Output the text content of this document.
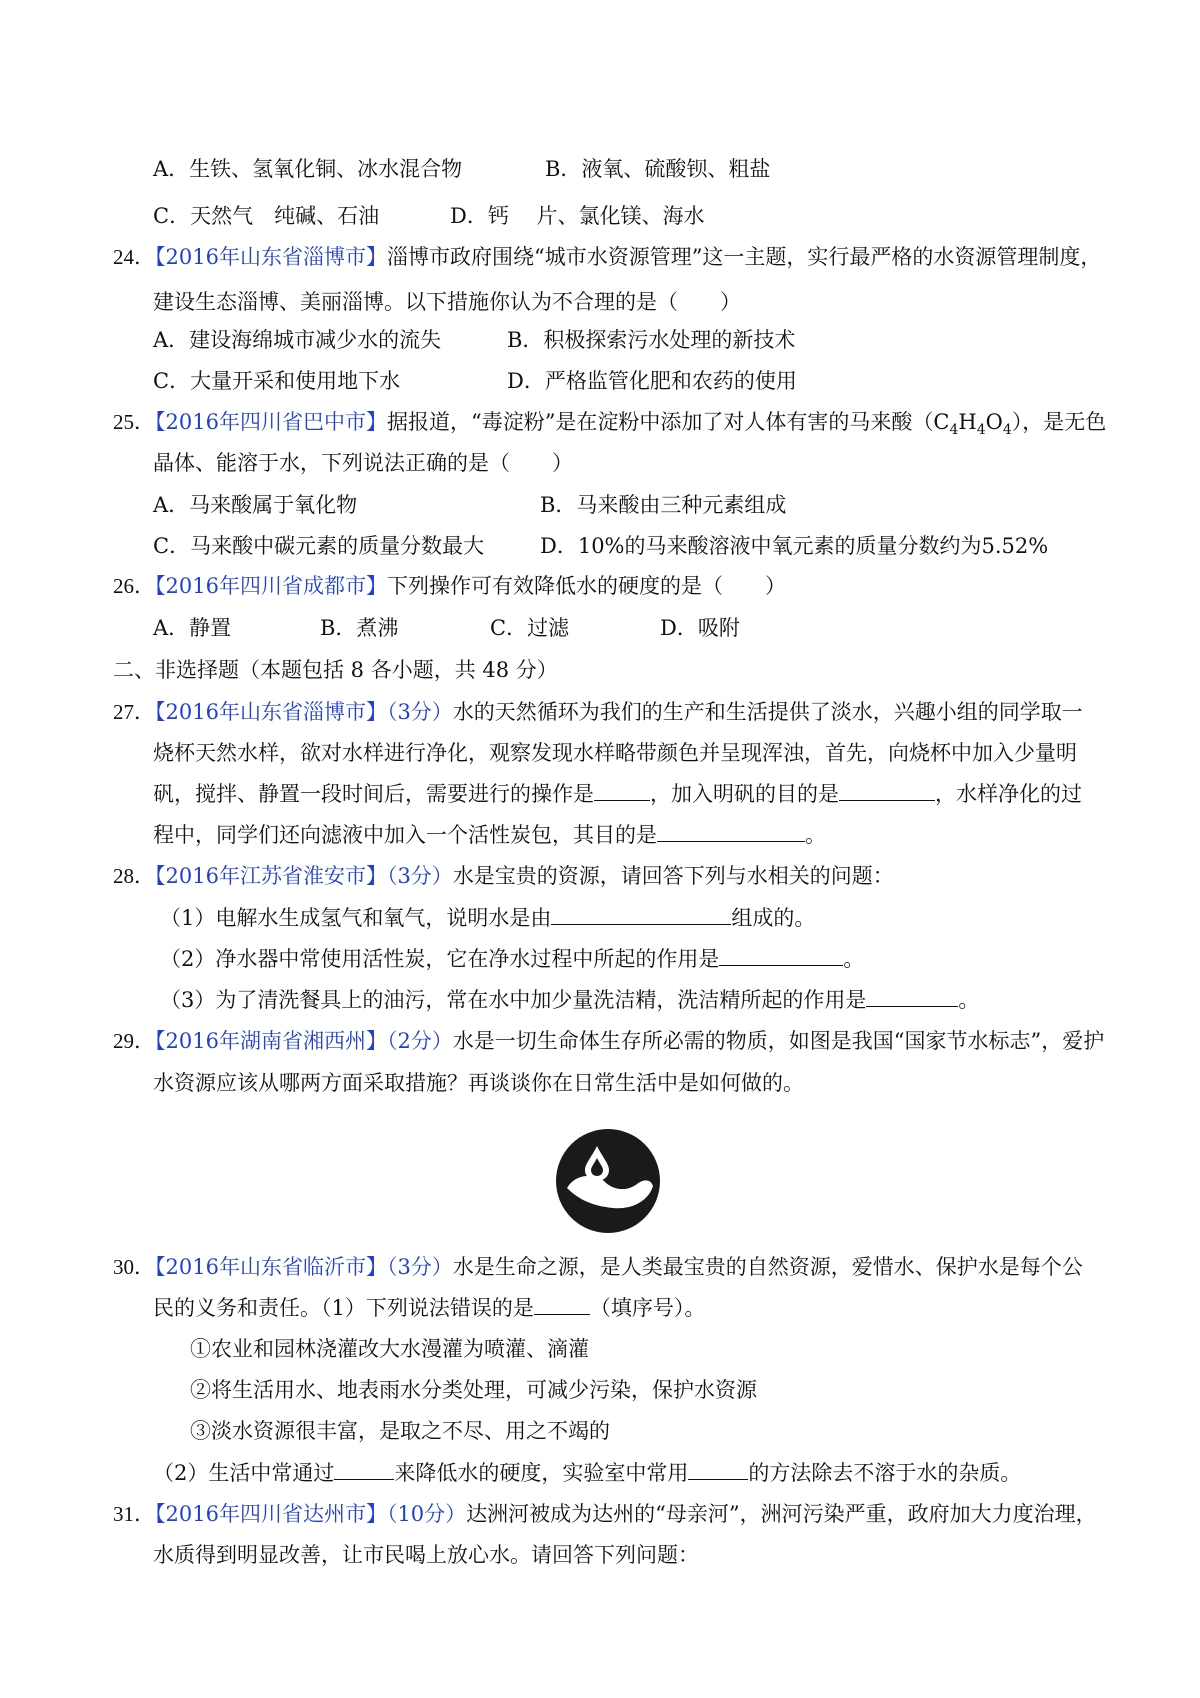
A．生铁、氢氧化铜、冰水混合物	B．液氧、硫酸钡、粗盐
C．天然气　纯碱、石油	D．钙　 片、氯化镁、海水
24．【2016年山东省淄博市】淄博市政府围绕“城市水资源管理”这一主题，实行最严格的水资源管理制度，
建设生态淄博、美丽淄博。以下措施你认为不合理的是（　　）
A．建设海绵城市减少水的流失	B．积极探索污水处理的新技术
C．大量开采和使用地下水	D．严格监管化肥和农药的使用
25．【2016年四川省巴中市】据报道，“毒淀粉”是在淀粉中添加了对人体有害的马来酸$(C_4H_4O_4)$，是无色
晶体、能溶于水，下列说法正确的是（　　）
A．马来酸属于氧化物	B．马来酸由三种元素组成
C．马来酸中碳元素的质量分数最大	D．10%的马来酸溶液中氧元素的质量分数约为5.52%
26．【2016年四川省成都市】下列操作可有效降低水的硬度的是（　　）
A．静置	B．煮沸	C．过滤	D．吸附
二、非选择题（本题包括 8 各小题，共 48 分）
27．【2016年山东省淄博市】（3分）水的天然循环为我们的生产和生活提供了淡水，兴趣小组的同学取一
烧杯天然水样，欲对水样进行净化，观察发现水样略带颜色并呈现浑浊，首先，向烧杯中加入少量明
矾，搅拌、静置一段时间后，需要进行的操作是	，加入明矾的目的是	，水样净化的过
程中，同学们还向滤液中加入一个活性炭包，其目的是	。
28．【2016年江苏省淮安市】（3分）水是宝贵的资源，请回答下列与水相关的问题：
（1）电解水生成氢气和氧气，说明水是由	组成的。
（2）净水器中常使用活性炭，它在净水过程中所起的作用是	。
（3）为了清洗餐具上的油污，常在水中加少量洗洁精，洗洁精所起的作用是	。
29．【2016年湖南省湘西州】（2分）水是一切生命体生存所必需的物质，如图是我国“国家节水标志”，爱护
水资源应该从哪两方面采取措施？再谈谈你在日常生活中是如何做的。
30．【2016年山东省临沂市】（3分）水是生命之源，是人类最宝贵的自然资源，爱惜水、保护水是每个公
民的义务和责任。（1）下列说法错误的是	（填序号）。
①农业和园林浇灌改大水漫灌为喷灌、滴灌
②将生活用水、地表雨水分类处理，可减少污染，保护水资源
③淡水资源很丰富，是取之不尽、用之不竭的
（2）生活中常通过	来降低水的硬度，实验室中常用	的方法除去不溶于水的杂质。
31．【2016年四川省达州市】（10分）达洲河被成为达州的“母亲河”，洲河污染严重，政府加大力度治理，
水质得到明显改善，让市民喝上放心水。请回答下列问题：
